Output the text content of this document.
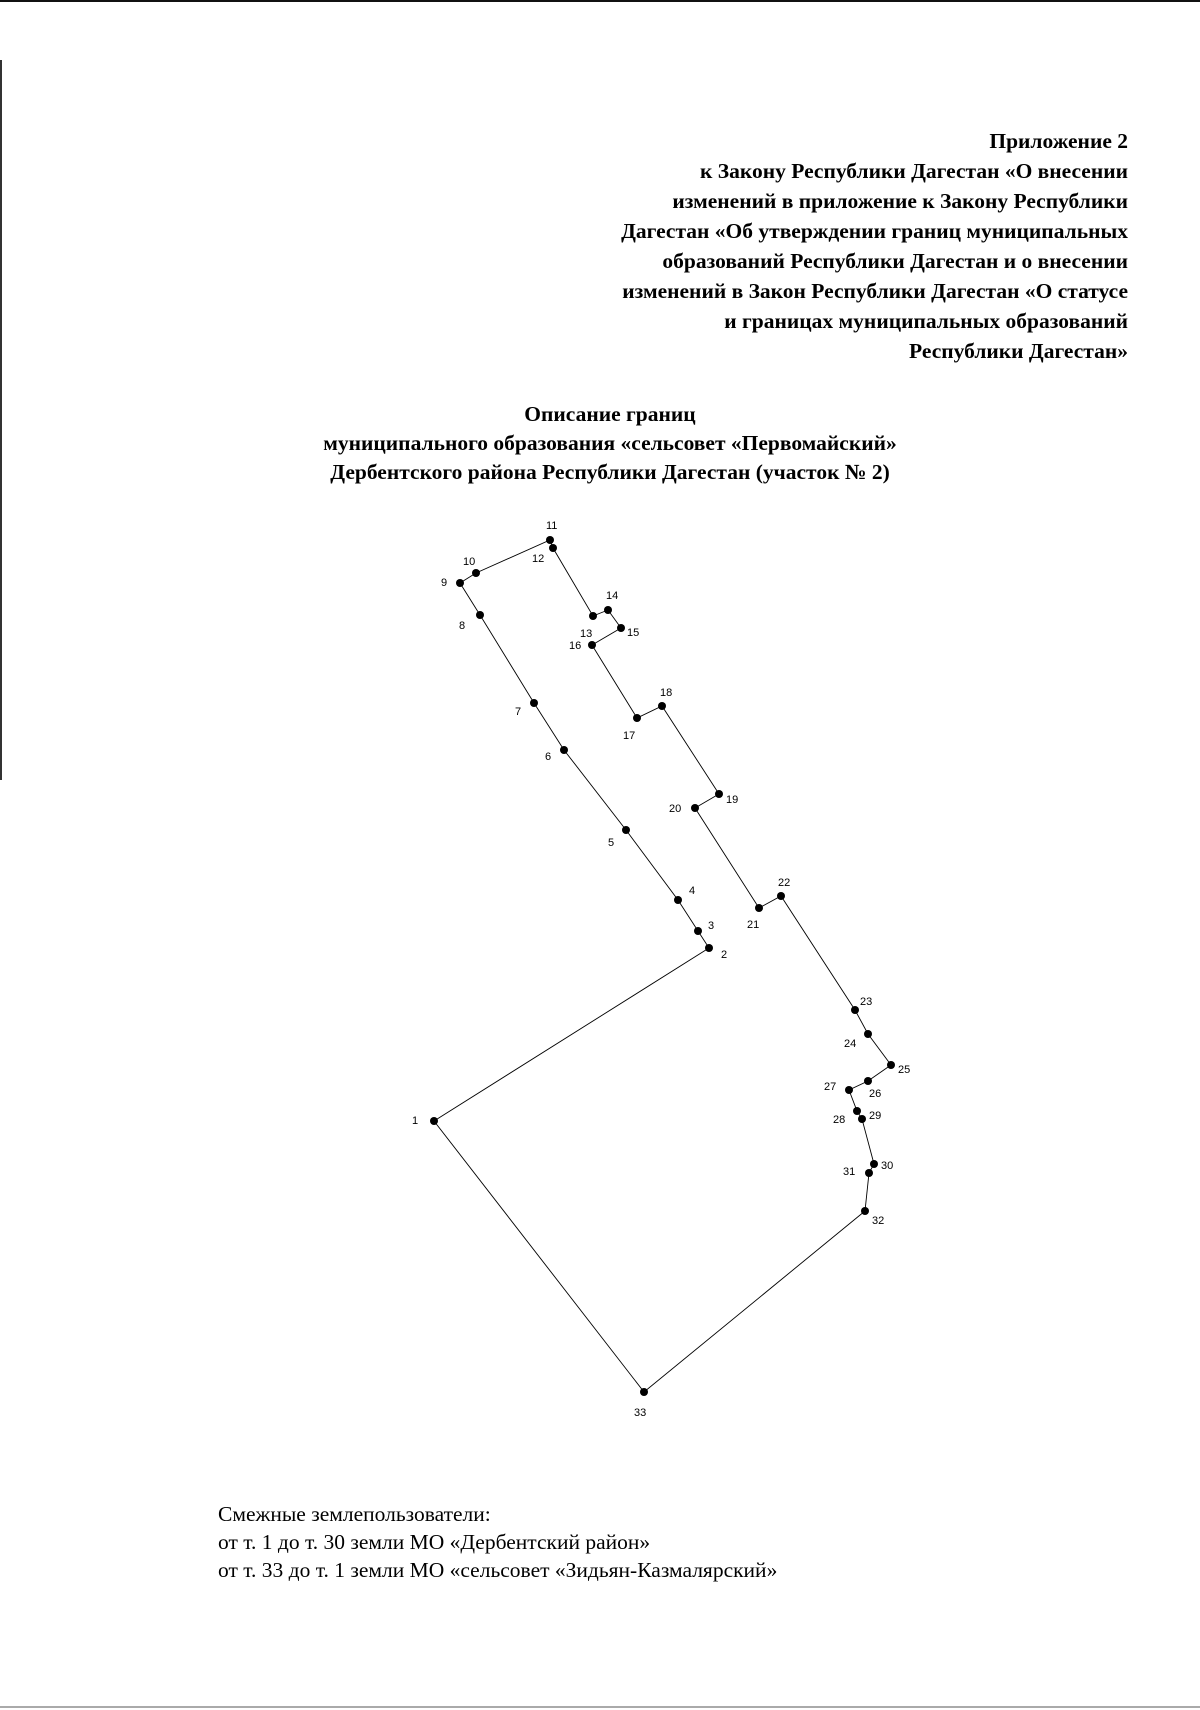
Приложение 2
к Закону Республики Дагестан «О внесении
изменений в приложение к Закону Республики
Дагестан «Об утверждении границ муниципальных
образований Республики Дагестан и о внесении
изменений в Закон Республики Дагестан «О статусе
и границах муниципальных образований
Республики Дагестан»
Описание границ
муниципального образования «сельсовет «Первомайский»
Дербентского района Республики Дагестан (участок № 2)
1
2
3
4
5
6
7
8
9
10
11
12
13
14
15
16
17
18
19
20
21
22
23
24
25
26
27
28 29
30
31
32
33
Смежные землепользователи:
от т. 1 до т. 30 земли МО «Дербентский район»
от т. 33 до т. 1 земли МО «сельсовет «Зидьян-Казмалярский»
